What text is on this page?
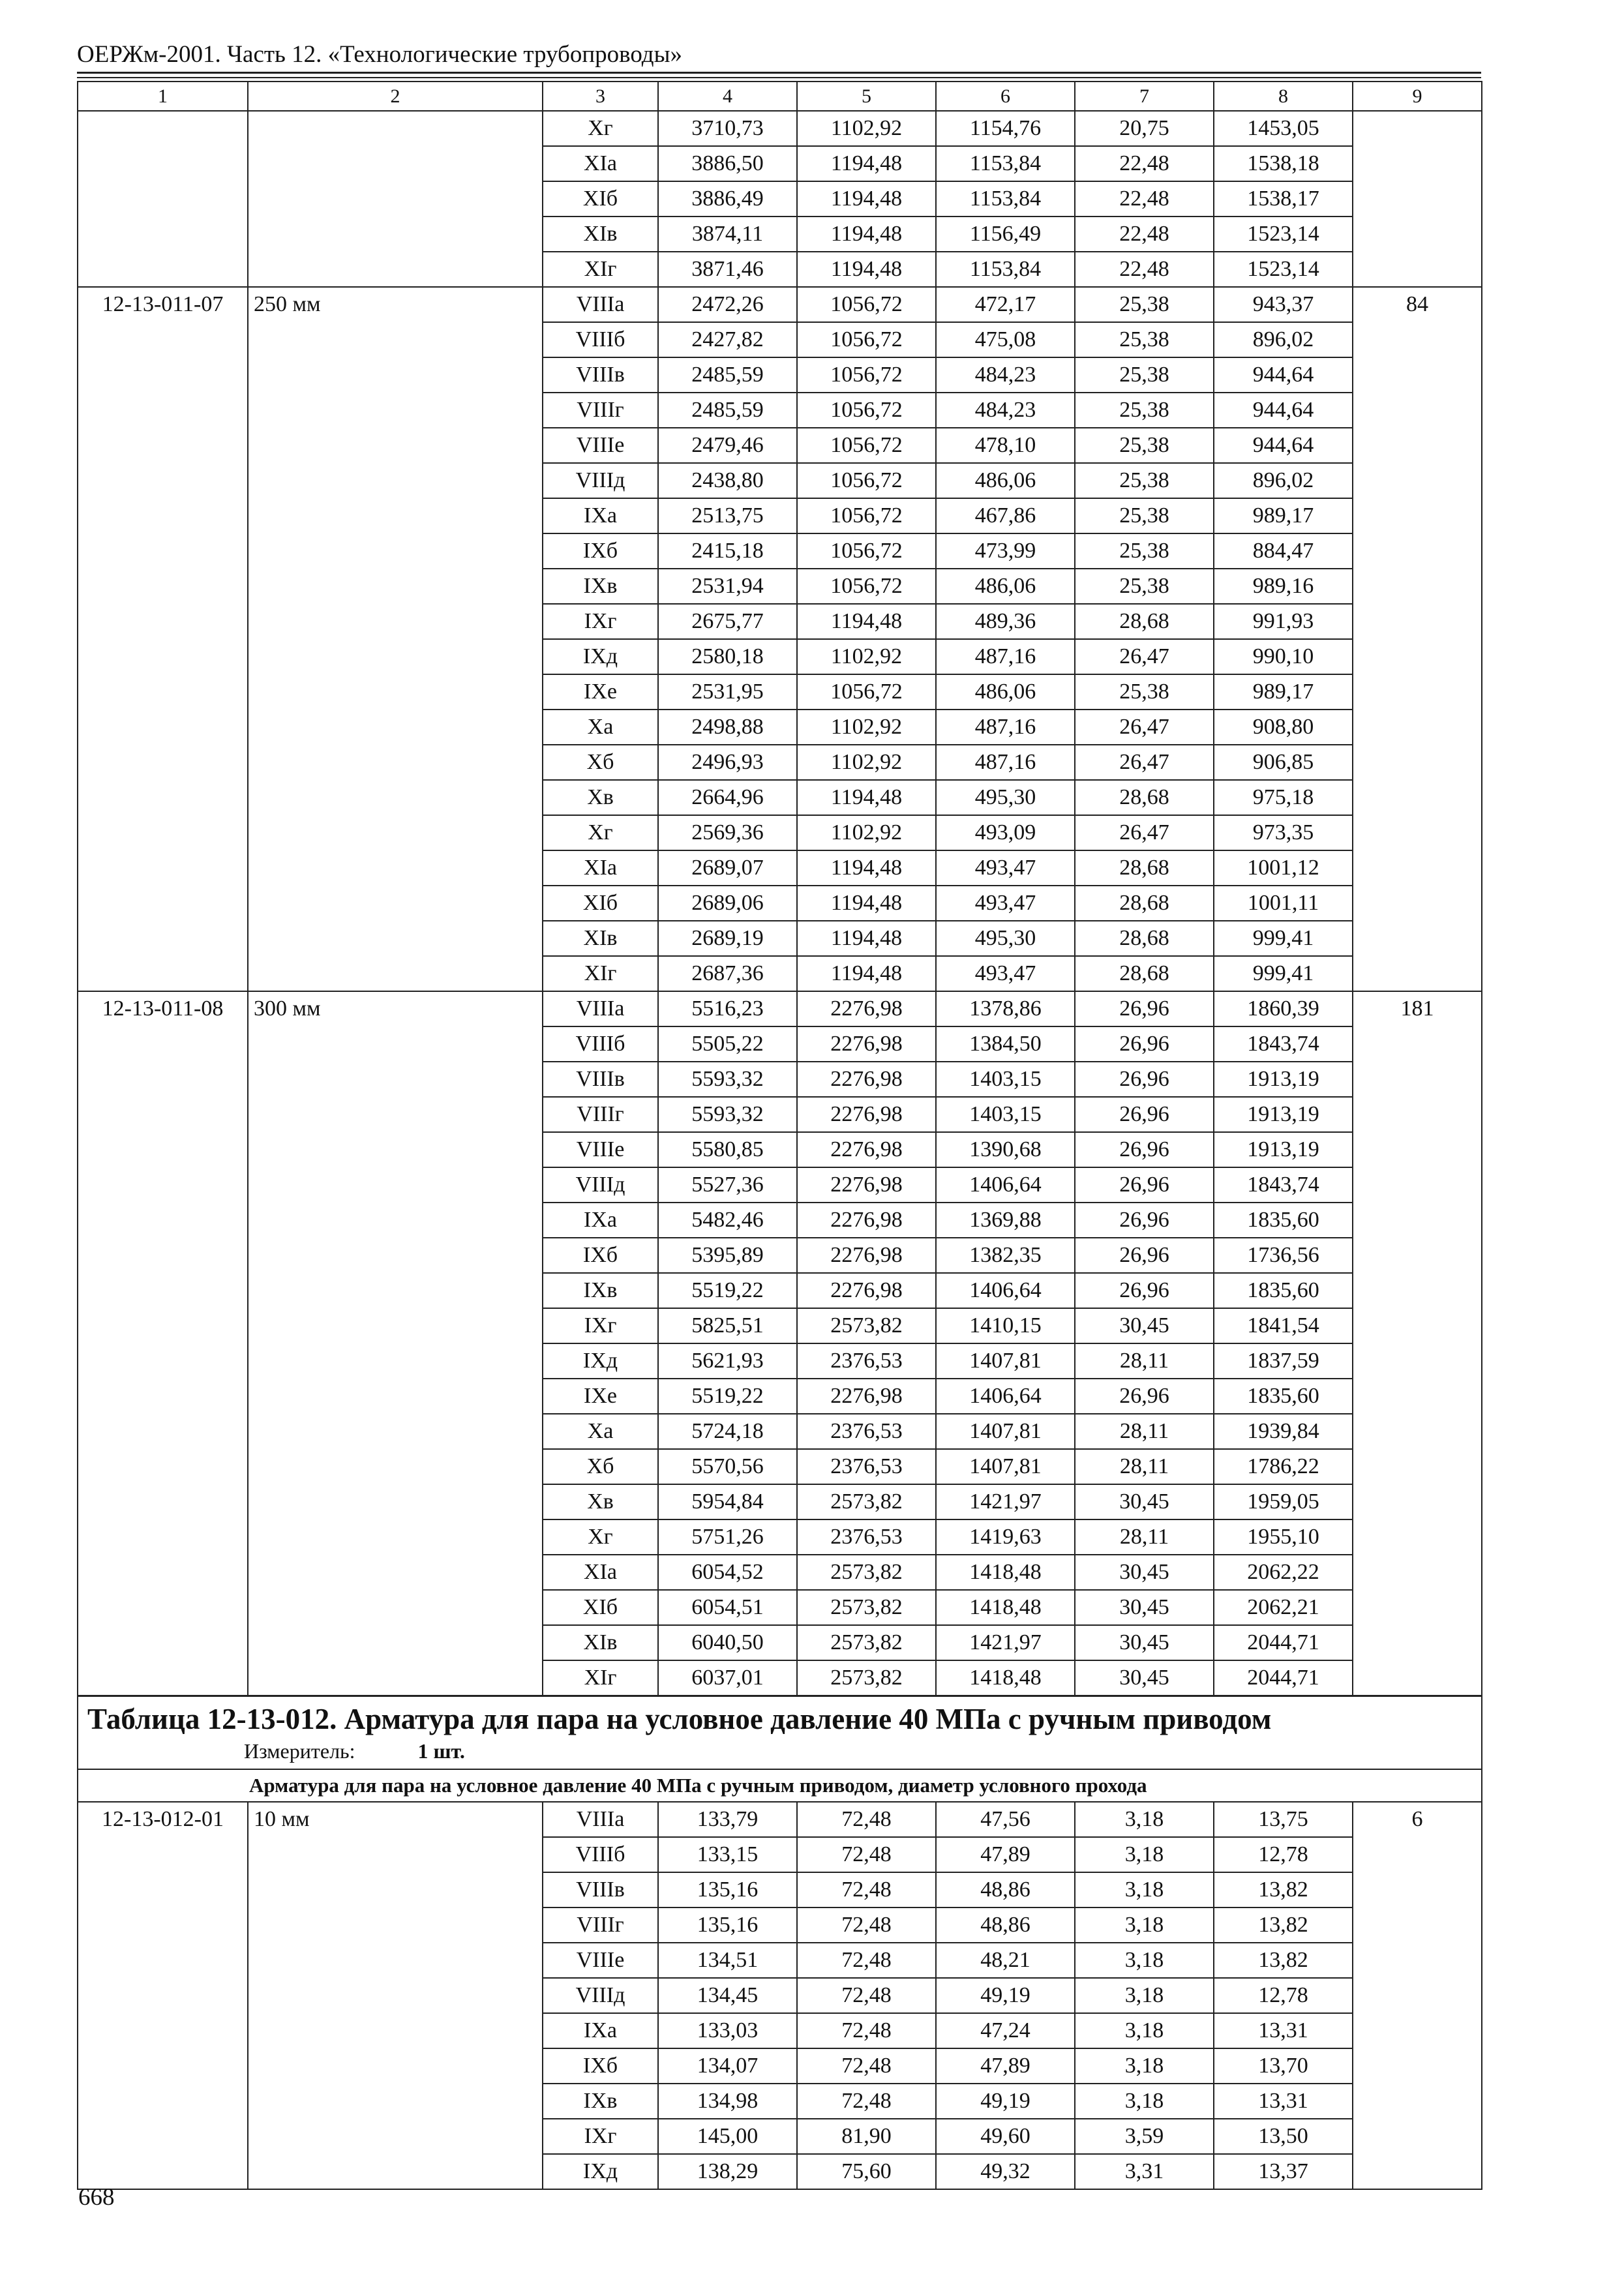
ОЕРЖм-2001. Часть 12. «Технологические трубопроводы»
1	2	3	4	5	6	7	8	9
		Xг	3710,73	1102,92	1154,76	20,75	1453,05	
		XIа	3886,50	1194,48	1153,84	22,48	1538,18	
		XIб	3886,49	1194,48	1153,84	22,48	1538,17	
		XIв	3874,11	1194,48	1156,49	22,48	1523,14	
		XIг	3871,46	1194,48	1153,84	22,48	1523,14	
12-13-011-07	250 мм	VIIIа	2472,26	1056,72	472,17	25,38	943,37	84
		VIIIб	2427,82	1056,72	475,08	25,38	896,02	
		VIIIв	2485,59	1056,72	484,23	25,38	944,64	
		VIIIг	2485,59	1056,72	484,23	25,38	944,64	
		VIIIе	2479,46	1056,72	478,10	25,38	944,64	
		VIIIд	2438,80	1056,72	486,06	25,38	896,02	
		IXа	2513,75	1056,72	467,86	25,38	989,17	
		IXб	2415,18	1056,72	473,99	25,38	884,47	
		IXв	2531,94	1056,72	486,06	25,38	989,16	
		IXг	2675,77	1194,48	489,36	28,68	991,93	
		IXд	2580,18	1102,92	487,16	26,47	990,10	
		IXе	2531,95	1056,72	486,06	25,38	989,17	
		Xа	2498,88	1102,92	487,16	26,47	908,80	
		Xб	2496,93	1102,92	487,16	26,47	906,85	
		Xв	2664,96	1194,48	495,30	28,68	975,18	
		Xг	2569,36	1102,92	493,09	26,47	973,35	
		XIа	2689,07	1194,48	493,47	28,68	1001,12	
		XIб	2689,06	1194,48	493,47	28,68	1001,11	
		XIв	2689,19	1194,48	495,30	28,68	999,41	
		XIг	2687,36	1194,48	493,47	28,68	999,41	
12-13-011-08	300 мм	VIIIа	5516,23	2276,98	1378,86	26,96	1860,39	181
		VIIIб	5505,22	2276,98	1384,50	26,96	1843,74	
		VIIIв	5593,32	2276,98	1403,15	26,96	1913,19	
		VIIIг	5593,32	2276,98	1403,15	26,96	1913,19	
		VIIIе	5580,85	2276,98	1390,68	26,96	1913,19	
		VIIIд	5527,36	2276,98	1406,64	26,96	1843,74	
		IXа	5482,46	2276,98	1369,88	26,96	1835,60	
		IXб	5395,89	2276,98	1382,35	26,96	1736,56	
		IXв	5519,22	2276,98	1406,64	26,96	1835,60	
		IXг	5825,51	2573,82	1410,15	30,45	1841,54	
		IXд	5621,93	2376,53	1407,81	28,11	1837,59	
		IXе	5519,22	2276,98	1406,64	26,96	1835,60	
		Xа	5724,18	2376,53	1407,81	28,11	1939,84	
		Xб	5570,56	2376,53	1407,81	28,11	1786,22	
		Xв	5954,84	2573,82	1421,97	30,45	1959,05	
		Xг	5751,26	2376,53	1419,63	28,11	1955,10	
		XIа	6054,52	2573,82	1418,48	30,45	2062,22	
		XIб	6054,51	2573,82	1418,48	30,45	2062,21	
		XIв	6040,50	2573,82	1421,97	30,45	2044,71	
		XIг	6037,01	2573,82	1418,48	30,45	2044,71	

Таблица 12-13-012. Арматура для пара на условное давление 40 МПа с ручным приводом
Измеритель: 1 шт.								

Арматура для пара на условное давление 40 МПа с ручным приводом, диаметр условного прохода								
12-13-012-01	10 мм	VIIIа	133,79	72,48	47,56	3,18	13,75	6
		VIIIб	133,15	72,48	47,89	3,18	12,78	
		VIIIв	135,16	72,48	48,86	3,18	13,82	
		VIIIг	135,16	72,48	48,86	3,18	13,82	
		VIIIе	134,51	72,48	48,21	3,18	13,82	
		VIIIд	134,45	72,48	49,19	3,18	12,78	
		IXа	133,03	72,48	47,24	3,18	13,31	
		IXб	134,07	72,48	47,89	3,18	13,70	
		IXв	134,98	72,48	49,19	3,18	13,31	
		IXг	145,00	81,90	49,60	3,59	13,50	
		IXд	138,29	75,60	49,32	3,31	13,37	
668
